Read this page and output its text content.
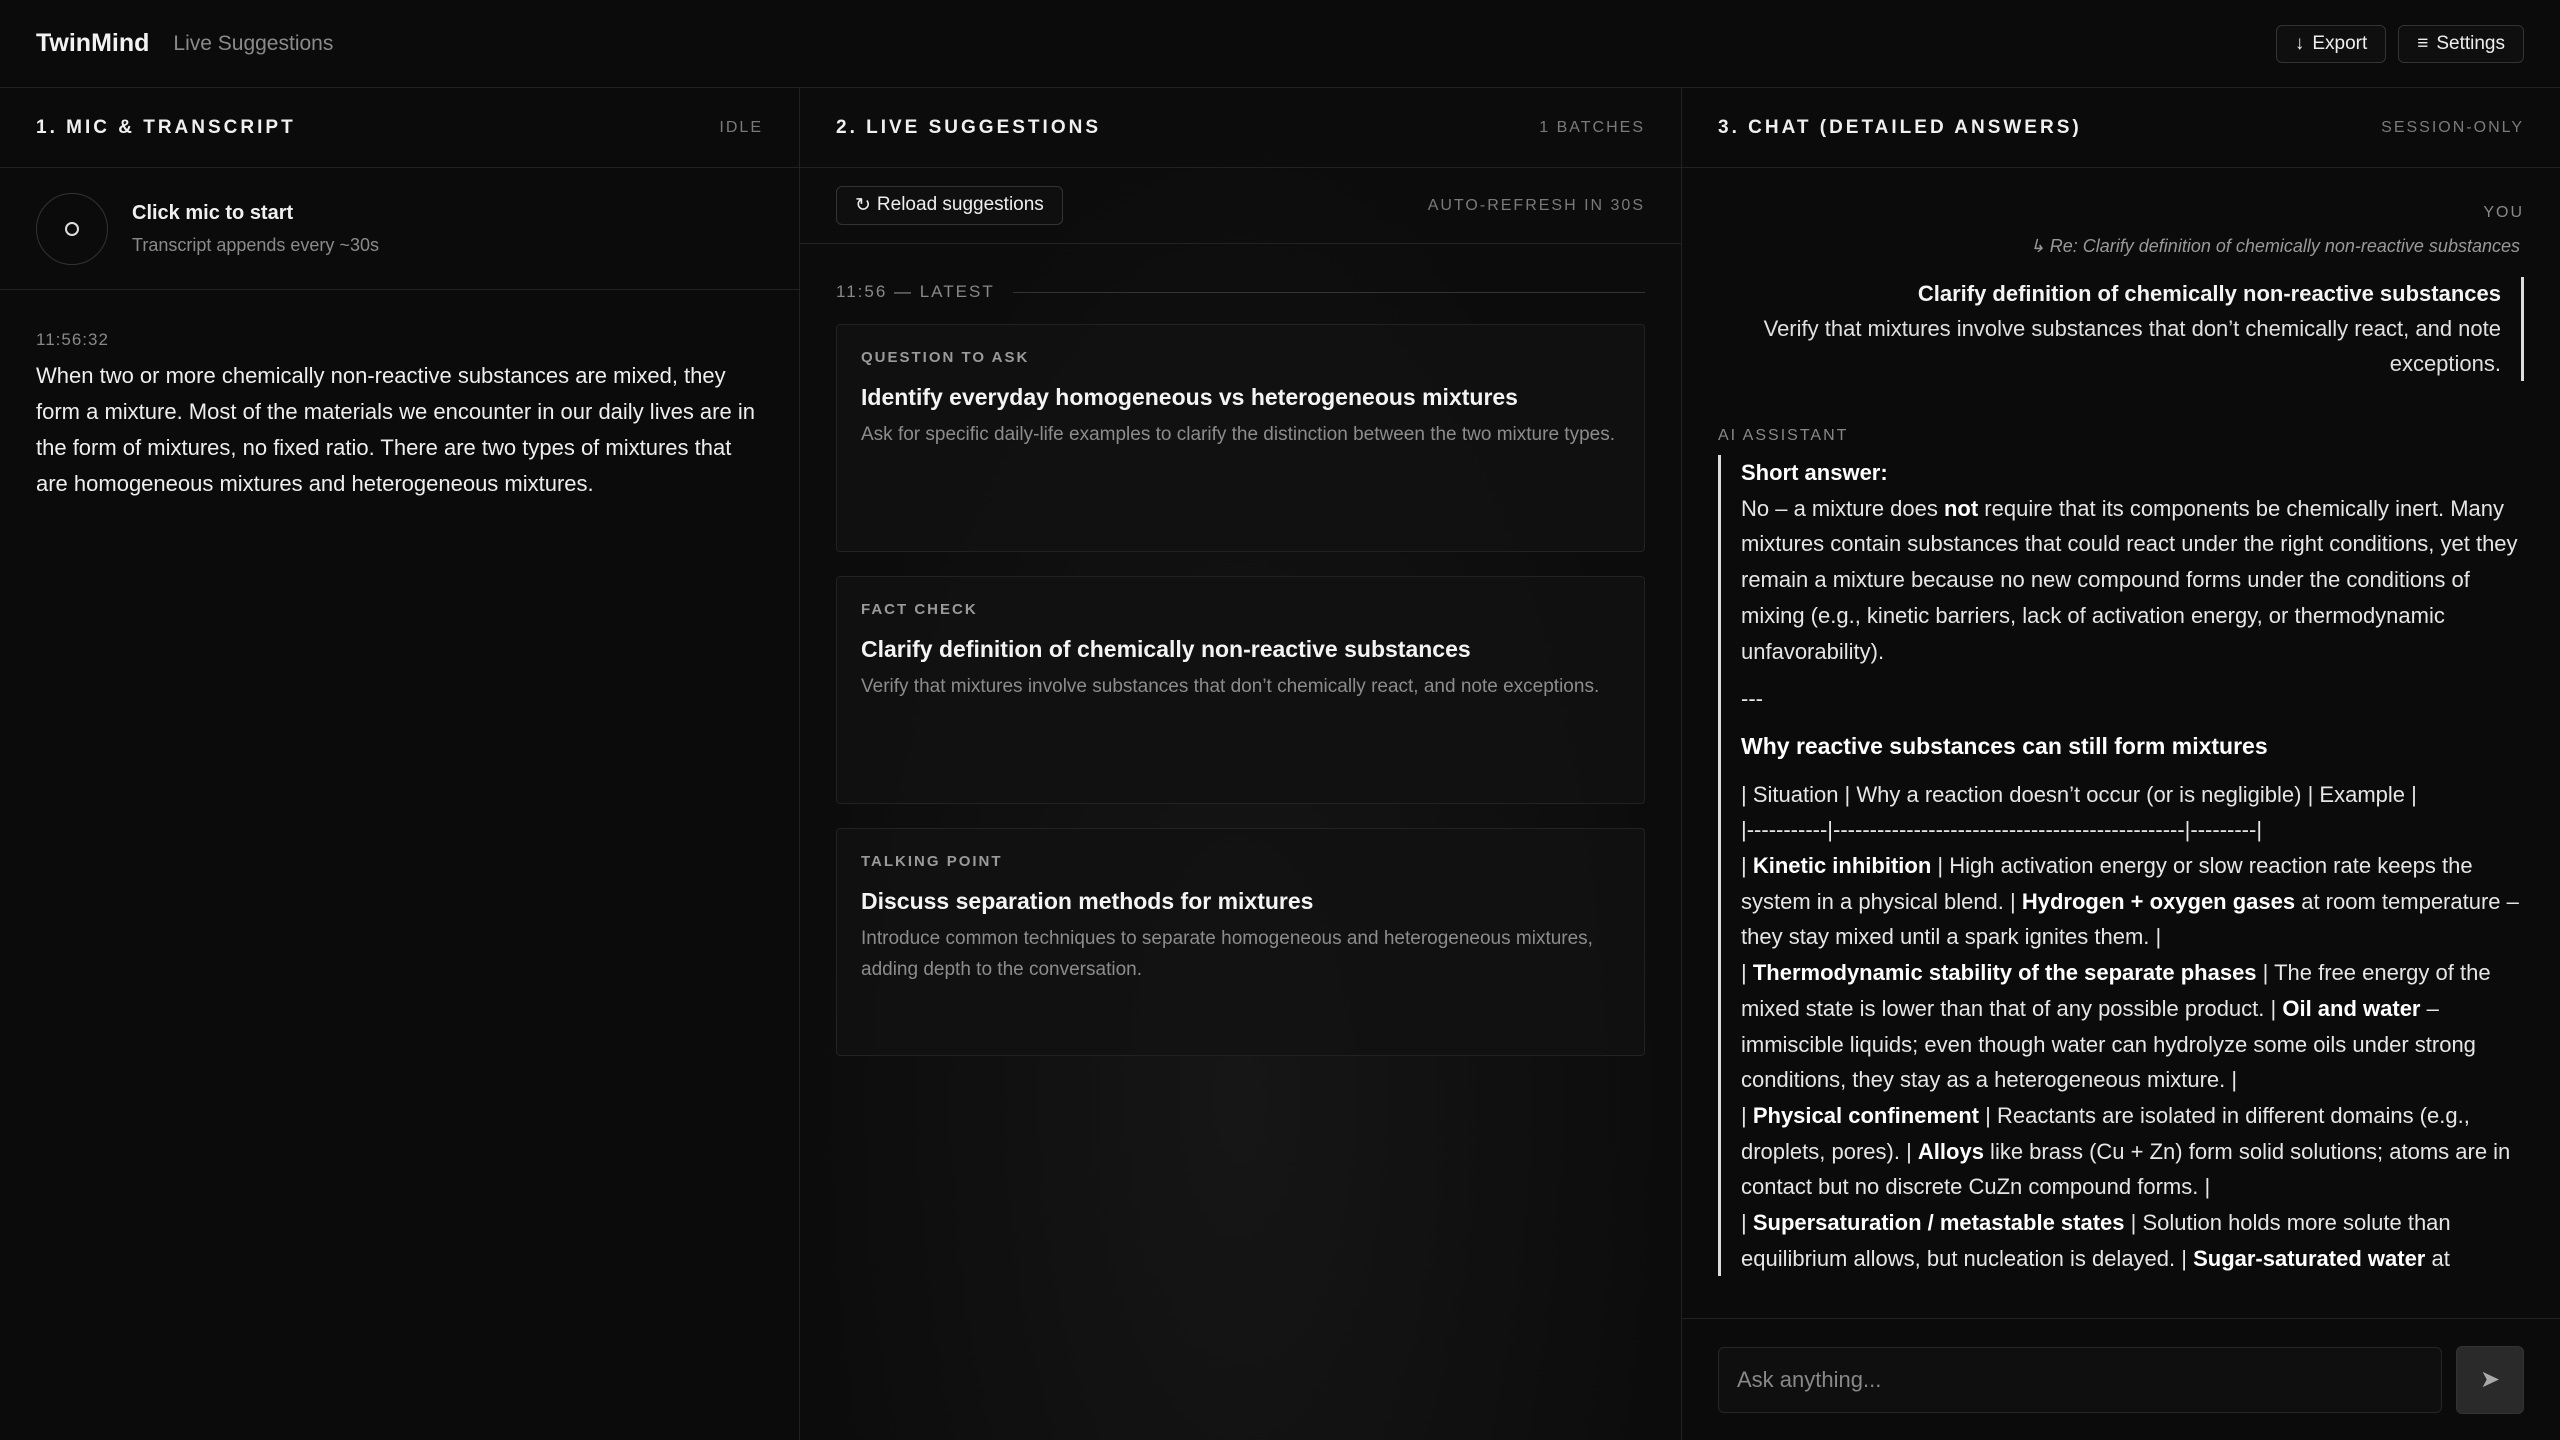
TwinMind Live Suggestions	↓ Export	≡ Settings
1. MIC & TRANSCRIPT	IDLE
Click mic to start
Transcript appends every ~30s
11:56:32
When two or more chemically non-reactive substances are mixed, they form a mixture. Most of the materials we encounter in our daily lives are in the form of mixtures, no fixed ratio. There are two types of mixtures that are homogeneous mixtures and heterogeneous mixtures.
2. LIVE SUGGESTIONS	1 BATCHES
↻ Reload suggestions	AUTO-REFRESH IN 30S
11:56 — LATEST
QUESTION TO ASK
Identify everyday homogeneous vs heterogeneous mixtures
Ask for specific daily-life examples to clarify the distinction between the two mixture types.
FACT CHECK
Clarify definition of chemically non-reactive substances
Verify that mixtures involve substances that don’t chemically react, and note exceptions.
TALKING POINT
Discuss separation methods for mixtures
Introduce common techniques to separate homogeneous and heterogeneous mixtures, adding depth to the conversation.
3. CHAT (DETAILED ANSWERS)	SESSION-ONLY
YOU
↳ Re: Clarify definition of chemically non-reactive substances
Clarify definition of chemically non-reactive substances
Verify that mixtures involve substances that don’t chemically react, and note exceptions.
AI ASSISTANT
Short answer:
No – a mixture does not require that its components be chemically inert. Many mixtures contain substances that could react under the right conditions, yet they remain a mixture because no new compound forms under the conditions of mixing (e.g., kinetic barriers, lack of activation energy, or thermodynamic unfavorability).
---
Why reactive substances can still form mixtures
| Situation | Why a reaction doesn’t occur (or is negligible) | Example |
|-----------|------------------------------------------------|---------|
| Kinetic inhibition | High activation energy or slow reaction rate keeps the system in a physical blend. | Hydrogen + oxygen gases at room temperature – they stay mixed until a spark ignites them. |
| Thermodynamic stability of the separate phases | The free energy of the mixed state is lower than that of any possible product. | Oil and water – immiscible liquids; even though water can hydrolyze some oils under strong conditions, they stay as a heterogeneous mixture. |
| Physical confinement | Reactants are isolated in different domains (e.g., droplets, pores). | Alloys like brass (Cu + Zn) form solid solutions; atoms are in contact but no discrete CuZn compound forms. |
| Supersaturation / metastable states | Solution holds more solute than equilibrium allows, but nucleation is delayed. | Sugar-saturated water at
Ask anything...
➤
